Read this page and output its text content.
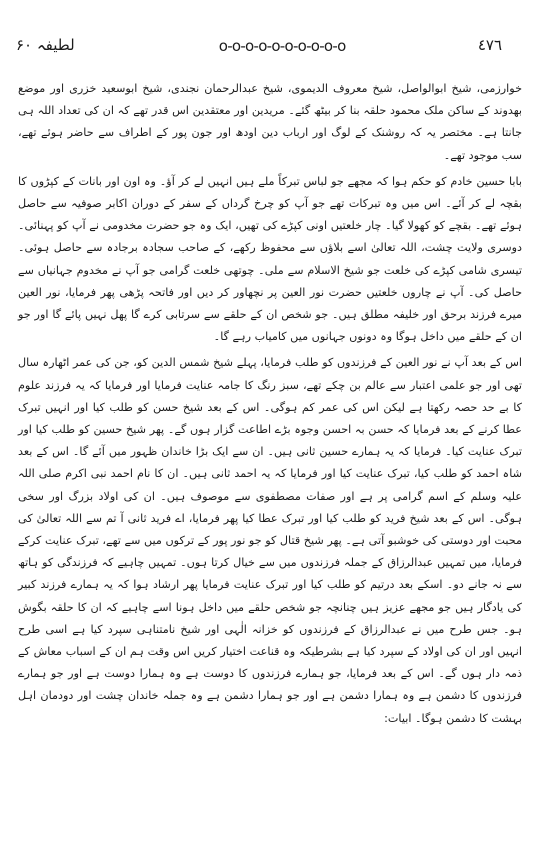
لطیفہ ۶۰	o-o-o-o-o-o-o-o-o-o	٤٧٦

خوارزمی، شیخ ابوالواصل، شیخ معروف الدیموی، شیخ عبدالرحمان نجندی، شیخ ابوسعید خزری اور موضع بھدوند کے ساکن ملک محمود حلقہ بنا کر بیٹھ گئے۔ مریدین اور معتقدین اس قدر تھے کہ ان کی تعداد اللہ ہی جانتا ہے۔ مختصر یہ کہ روشنک کے لوگ اور ارباب دین اودھ اور جون پور کے اطراف سے حاضر ہوئے تھے، سب موجود تھے۔

بابا حسین خادم کو حکم ہوا کہ مجھے جو لباس تبرکاً ملے ہیں انہیں لے کر آؤ۔ وہ اون اور بانات کے کپڑوں کا بقچہ لے کر آئے۔ اس میں وہ تبرکات تھے جو آپ کو چرخ گرداں کے سفر کے دوران اکابر صوفیہ سے حاصل ہوئے تھے۔ بقچے کو کھولا گیا۔ چار خلعتیں اونی کپڑے کی تھیں، ایک وہ جو حضرت مخدومی نے آپ کو پہنائی۔ دوسری ولایت چشت، اللہ تعالیٰ اسے بلاؤں سے محفوظ رکھے، کے صاحب سجادہ برجادہ سے حاصل ہوئی۔ تیسری شامی کپڑے کی خلعت جو شیخ الاسلام سے ملی۔ چوتھی خلعت گرامی جو آپ نے مخدوم جہانیاں سے حاصل کی۔ آپ نے چاروں خلعتیں حضرت نور العین پر نچھاور کر دیں اور فاتحہ پڑھی پھر فرمایا، نور العین میرے فرزند برحق اور خلیفہ مطلق ہیں۔ جو شخص ان کے حلقے سے سرتابی کرے گا پھل نہیں پائے گا اور جو ان کے حلقے میں داخل ہوگا وہ دونوں جہانوں میں کامیاب رہے گا۔

اس کے بعد آپ نے نور العین کے فرزندوں کو طلب فرمایا، پہلے شیخ شمس الدین کو، جن کی عمر اٹھارہ سال تھی اور جو علمی اعتبار سے عالم بن چکے تھے، سبز رنگ کا جامہ عنایت فرمایا اور فرمایا کہ یہ فرزند علوم کا بے حد حصہ رکھتا ہے لیکن اس کی عمر کم ہوگی۔ اس کے بعد شیخ حسن کو طلب کیا اور انہیں تبرک عطا کرنے کے بعد فرمایا کہ حسن بہ احسن وجوہ بڑے اطاعت گزار ہوں گے۔ پھر شیخ حسین کو طلب کیا اور تبرک عنایت کیا۔ فرمایا کہ یہ ہمارے حسین ثانی ہیں۔ ان سے ایک بڑا خاندان ظہور میں آئے گا۔ اس کے بعد شاہ احمد کو طلب کیا، تبرک عنایت کیا اور فرمایا کہ یہ احمد ثانی ہیں۔ ان کا نام احمد نبی اکرم صلی اللہ علیہ وسلم کے اسم گرامی پر ہے اور صفات مصطفوی سے موصوف ہیں۔ ان کی اولاد بزرگ اور سخی ہوگی۔ اس کے بعد شیخ فرید کو طلب کیا اور تبرک عطا کیا پھر فرمایا، اے فرید ثانی آ تم سے اللہ تعالیٰ کی محبت اور دوستی کی خوشبو آتی ہے۔ پھر شیخ قتال کو جو نور پور کے ترکوں میں سے تھے، تبرک عنایت کرکے فرمایا، میں تمہیں عبدالرزاق کے جملہ فرزندوں میں سے خیال کرتا ہوں۔ تمہیں چاہیے کہ فرزندگی کو ہاتھ سے نہ جانے دو۔ اسکے بعد درتیم کو طلب کیا اور تبرک عنایت فرمایا پھر ارشاد ہوا کہ یہ ہمارے فرزند کبیر کی یادگار ہیں جو مجھے عزیز ہیں چنانچہ جو شخص حلقے میں داخل ہونا اسے چاہیے کہ ان کا حلقہ بگوش ہو۔ جس طرح میں نے عبدالرزاق کے فرزندوں کو خزانہ الٰہی اور شیخ نامتناہی سپرد کیا ہے اسی طرح انہیں اور ان کی اولاد کے سپرد کیا ہے بشرطیکہ وہ قناعت اختیار کریں اس وقت ہم ان کے اسباب معاش کے ذمہ دار ہوں گے۔ اس کے بعد فرمایا، جو ہمارے فرزندوں کا دوست ہے وہ ہمارا دوست ہے اور جو ہمارے فرزندوں کا دشمن ہے وہ ہمارا دشمن ہے اور جو ہمارا دشمن ہے وہ جملہ خاندان چشت اور دودمان اہل بہشت کا دشمن ہوگا۔ ابیات:
